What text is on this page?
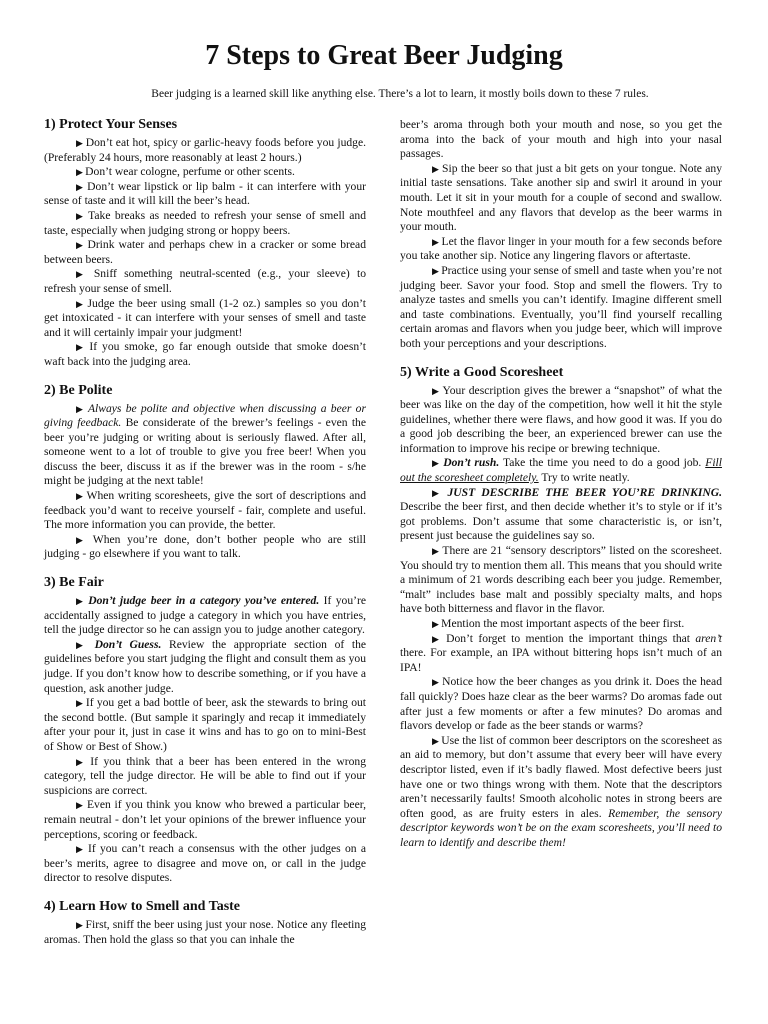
7 Steps to Great Beer Judging

Beer judging is a learned skill like anything else. There’s a lot to learn, it mostly boils down to these 7 rules.

1) Protect Your Senses

▶ Don’t eat hot, spicy or garlic-heavy foods before you judge. (Preferably 24 hours, more reasonably at least 2 hours.)

▶ Don’t wear cologne, perfume or other scents.

▶ Don’t wear lipstick or lip balm - it can interfere with your sense of taste and it will kill the beer’s head.

▶ Take breaks as needed to refresh your sense of smell and taste, especially when judging strong or hoppy beers.

▶ Drink water and perhaps chew in a cracker or some bread between beers.

▶ Sniff something neutral-scented (e.g., your sleeve) to refresh your sense of smell.

▶ Judge the beer using small (1-2 oz.) samples so you don’t get intoxicated - it can interfere with your senses of smell and taste and it will certainly impair your judgment!

▶ If you smoke, go far enough outside that smoke doesn’t waft back into the judging area.

2) Be Polite

▶ Always be polite and objective when discussing a beer or giving feedback. Be considerate of the brewer’s feelings - even the beer you’re judging or writing about is seriously flawed. After all, someone went to a lot of trouble to give you free beer! When you discuss the beer, discuss it as if the brewer was in the room - s/he might be judging at the next table!

▶ When writing scoresheets, give the sort of descriptions and feedback you’d want to receive yourself - fair, complete and useful. The more information you can provide, the better.

▶ When you’re done, don’t bother people who are still judging - go elsewhere if you want to talk.

3) Be Fair

▶ Don’t judge beer in a category you’ve entered. If you’re accidentally assigned to judge a category in which you have entries, tell the judge director so he can assign you to judge another category.

▶ Don’t Guess. Review the appropriate section of the guidelines before you start judging the flight and consult them as you judge. If you don’t know how to describe something, or if you have a question, ask another judge.

▶ If you get a bad bottle of beer, ask the stewards to bring out the second bottle. (But sample it sparingly and recap it immediately after your pour it, just in case it wins and has to go on to mini-Best of Show or Best of Show.)

▶ If you think that a beer has been entered in the wrong category, tell the judge director. He will be able to find out if your suspicions are correct.

▶ Even if you think you know who brewed a particular beer, remain neutral - don’t let your opinions of the brewer influence your perceptions, scoring or feedback.

▶ If you can’t reach a consensus with the other judges on a beer’s merits, agree to disagree and move on, or call in the judge director to resolve disputes.

4) Learn How to Smell and Taste

▶ First, sniff the beer using just your nose. Notice any fleeting aromas. Then hold the glass so that you can inhale the

beer’s aroma through both your mouth and nose, so you get the aroma into the back of your mouth and high into your nasal passages.

▶ Sip the beer so that just a bit gets on your tongue. Note any initial taste sensations. Take another sip and swirl it around in your mouth. Let it sit in your mouth for a couple of second and swallow. Note mouthfeel and any flavors that develop as the beer warms in your mouth.

▶ Let the flavor linger in your mouth for a few seconds before you take another sip. Notice any lingering flavors or aftertaste.

▶ Practice using your sense of smell and taste when you’re not judging beer. Savor your food. Stop and smell the flowers. Try to analyze tastes and smells you can’t identify. Imagine different smell and taste combinations. Eventually, you’ll find yourself recalling certain aromas and flavors when you judge beer, which will improve both your perceptions and your descriptions.

5) Write a Good Scoresheet

▶ Your description gives the brewer a “snapshot” of what the beer was like on the day of the competition, how well it hit the style guidelines, whether there were flaws, and how good it was. If you do a good job describing the beer, an experienced brewer can use the information to improve his recipe or brewing technique.

▶ Don’t rush. Take the time you need to do a good job. Fill out the scoresheet completely. Try to write neatly.

▶ JUST DESCRIBE THE BEER YOU’RE DRINKING. Describe the beer first, and then decide whether it’s to style or if it’s got problems. Don’t assume that some characteristic is, or isn’t, present just because the guidelines say so.

▶ There are 21 “sensory descriptors” listed on the scoresheet. You should try to mention them all. This means that you should write a minimum of 21 words describing each beer you judge. Remember, “malt” includes base malt and possibly specialty malts, and hops have both bitterness and flavor in the flavor.

▶ Mention the most important aspects of the beer first.

▶ Don’t forget to mention the important things that aren’t there. For example, an IPA without bittering hops isn’t much of an IPA!

▶ Notice how the beer changes as you drink it. Does the head fall quickly? Does haze clear as the beer warms? Do aromas fade out after just a few moments or after a few minutes? Do aromas and flavors develop or fade as the beer stands or warms?

▶ Use the list of common beer descriptors on the scoresheet as an aid to memory, but don’t assume that every beer will have every descriptor listed, even if it’s badly flawed. Most defective beers just have one or two things wrong with them. Note that the descriptors aren’t necessarily faults! Smooth alcoholic notes in strong beers are often good, as are fruity esters in ales. Remember, the sensory descriptor keywords won’t be on the exam scoresheets, you’ll need to learn to identify and describe them!
